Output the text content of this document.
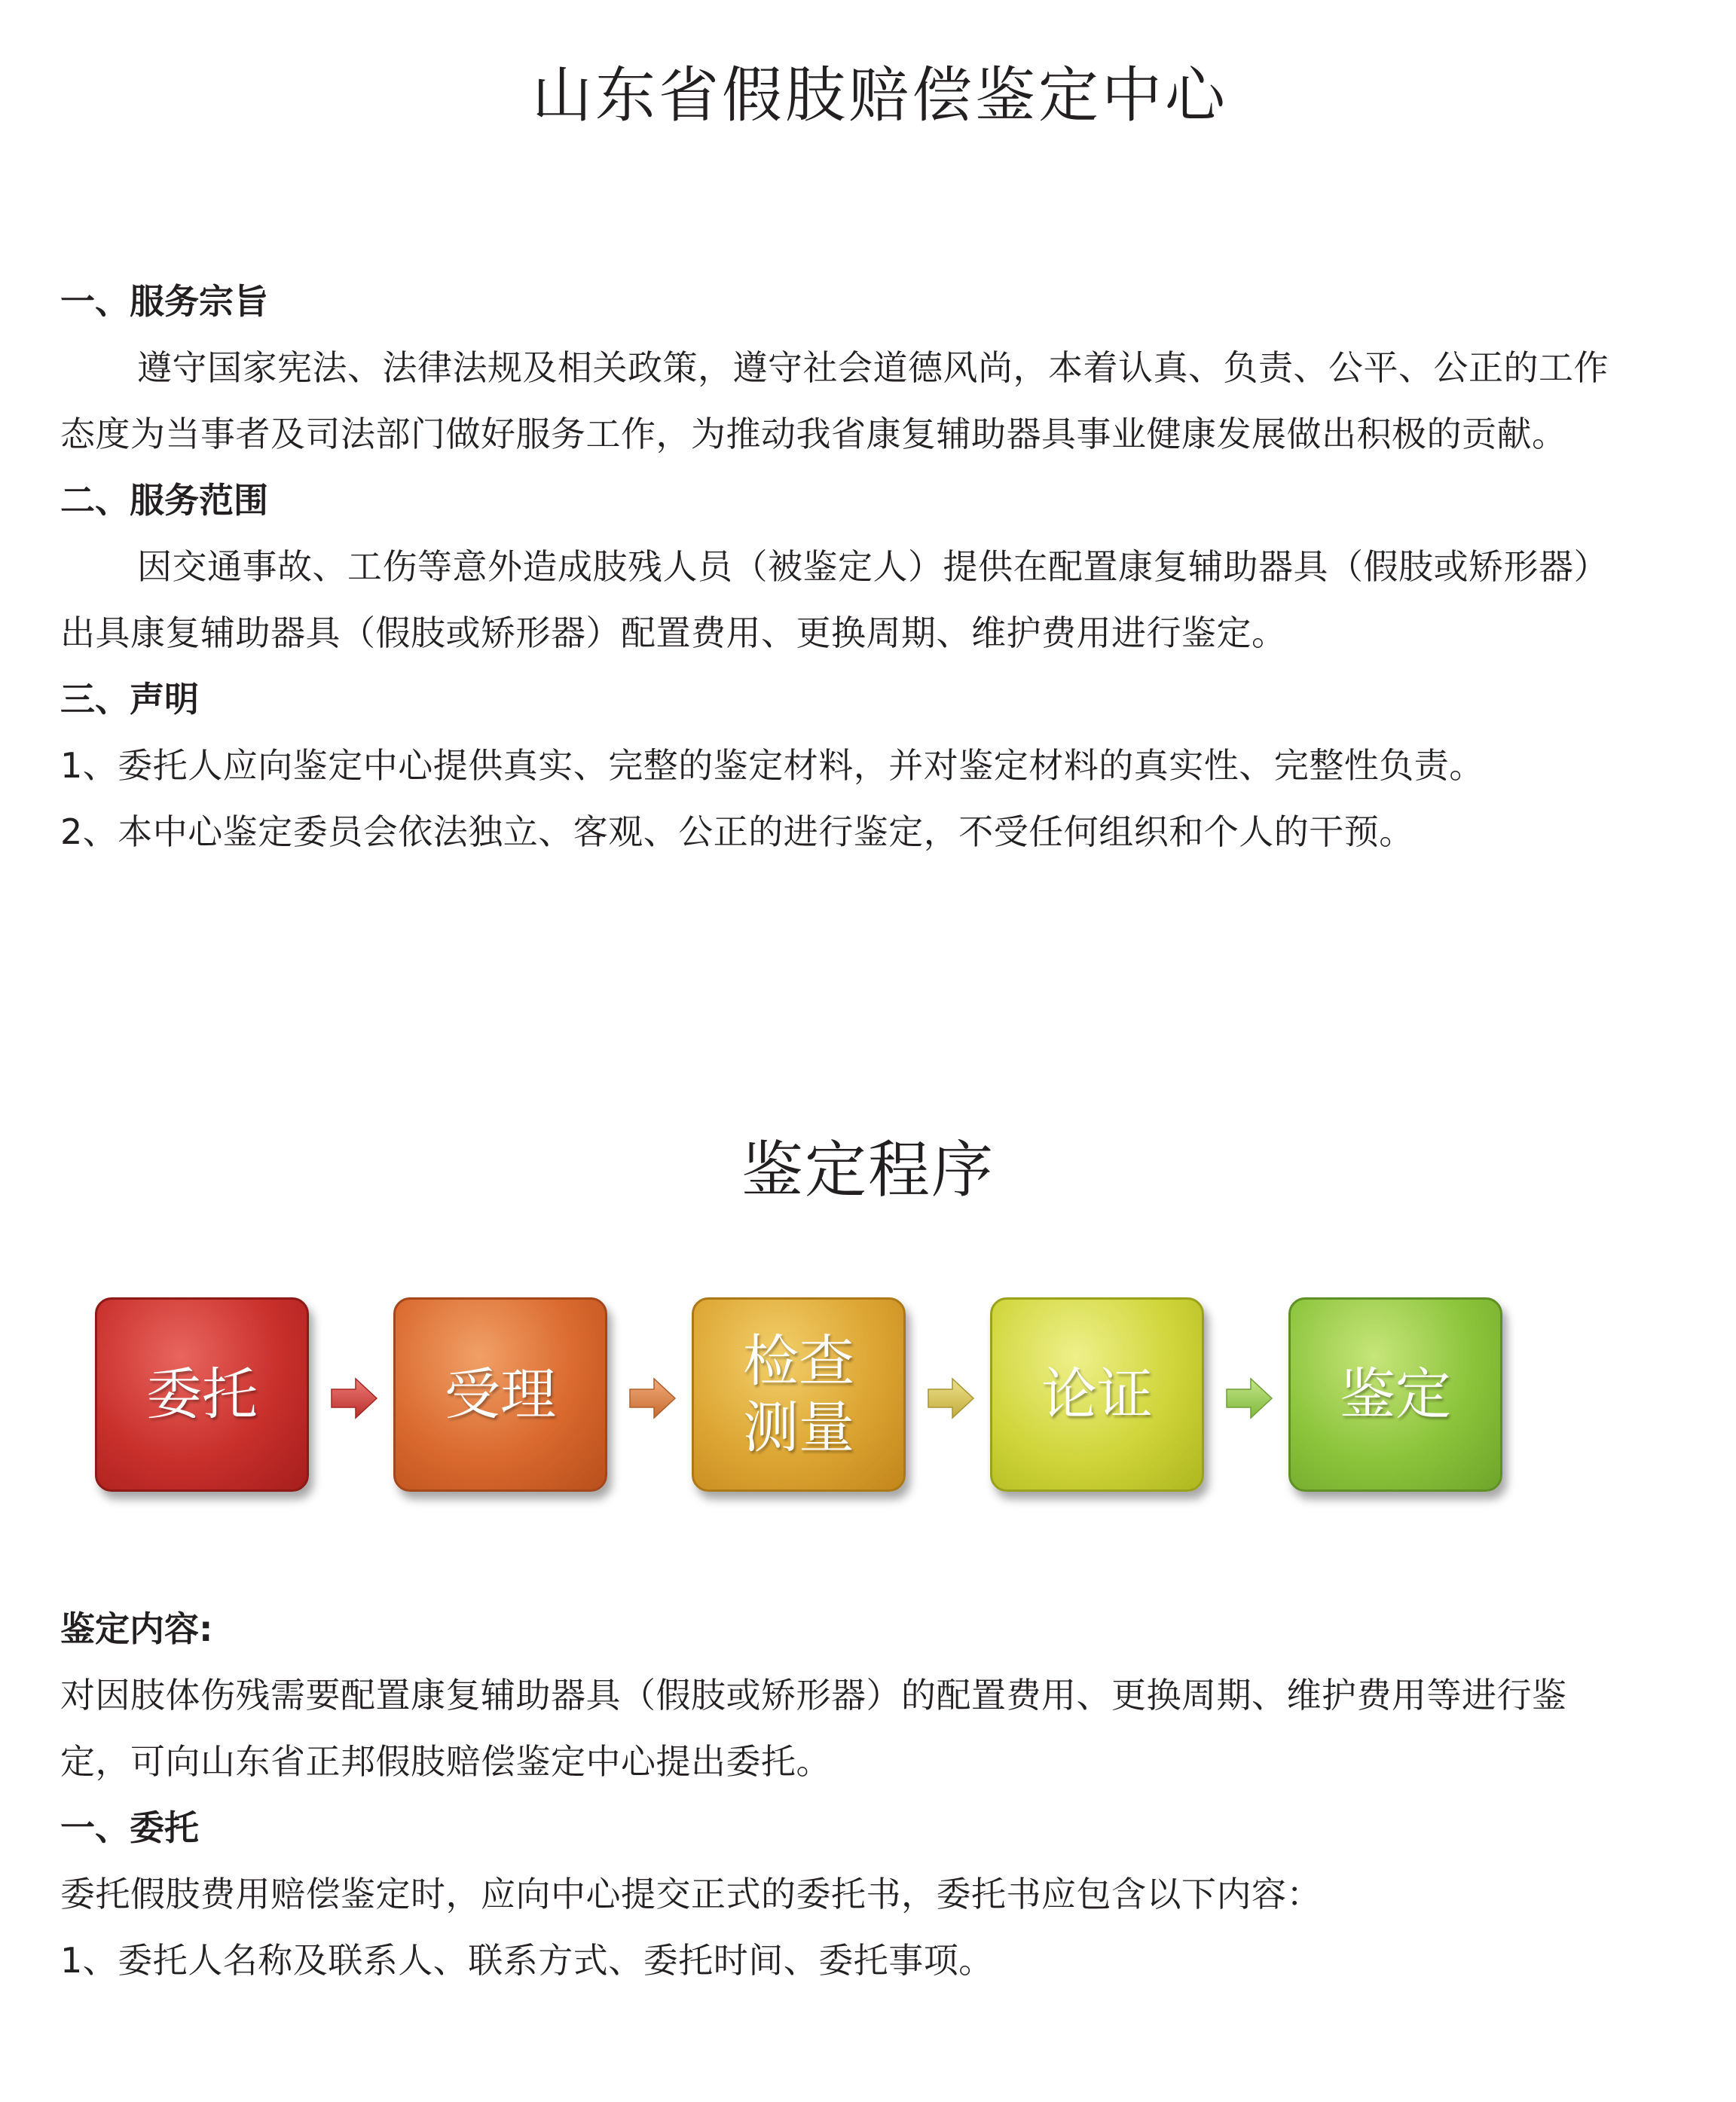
山东省假肢赔偿鉴定中心

一、服务宗旨

遵守国家宪法、法律法规及相关政策，遵守社会道德风尚，本着认真、负责、公平、公正的工作态度为当事者及司法部门做好服务工作，为推动我省康复辅助器具事业健康发展做出积极的贡献。

二、服务范围

因交通事故、工伤等意外造成肢残人员（被鉴定人）提供在配置康复辅助器具（假肢或矫形器）出具康复辅助器具（假肢或矫形器）配置费用、更换周期、维护费用进行鉴定。

三、声明

1、委托人应向鉴定中心提供真实、完整的鉴定材料，并对鉴定材料的真实性、完整性负责。

2、本中心鉴定委员会依法独立、客观、公正的进行鉴定，不受任何组织和个人的干预。

鉴定程序
委托	受理
检查
测量
论证	鉴定

鉴定内容:

对因肢体伤残需要配置康复辅助器具（假肢或矫形器）的配置费用、更换周期、维护费用等进行鉴定，可向山东省正邦假肢赔偿鉴定中心提出委托。

一、委托

委托假肢费用赔偿鉴定时，应向中心提交正式的委托书，委托书应包含以下内容：

1、委托人名称及联系人、联系方式、委托时间、委托事项。
